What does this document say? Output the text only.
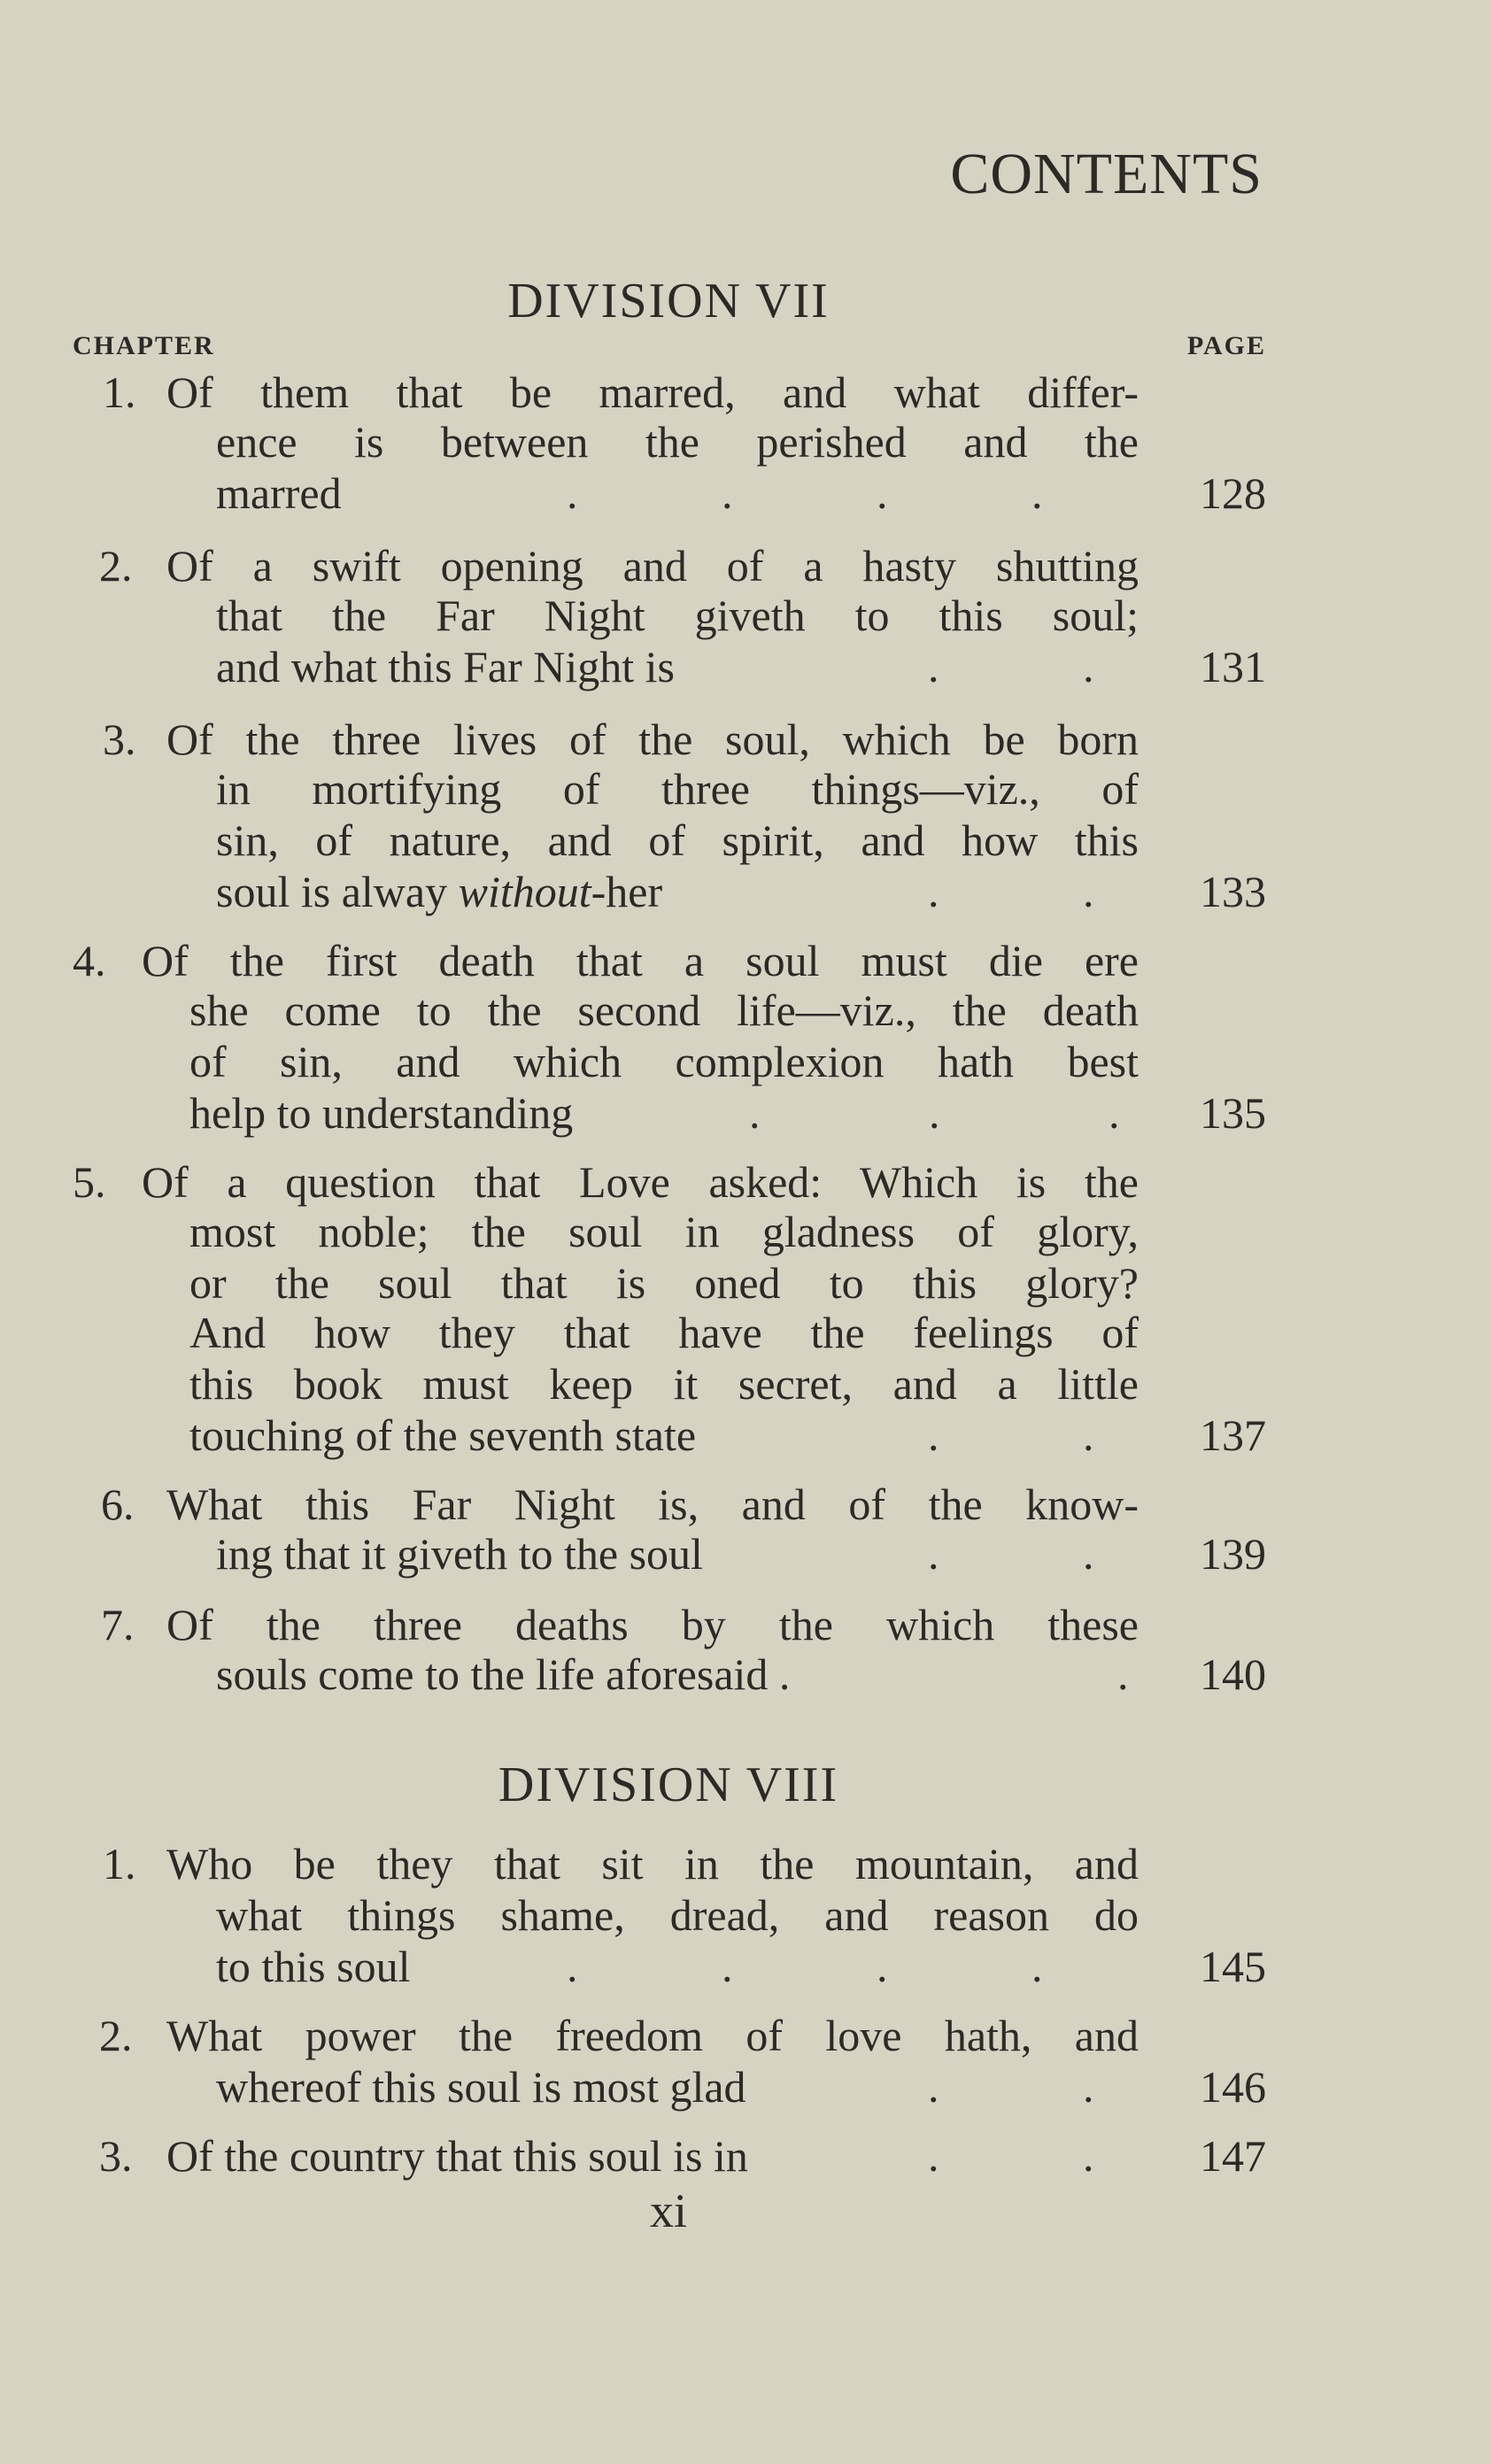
CONTENTS
DIVISION VII
CHAPTER	PAGE
1. Of them that be marred, and what differ-
ence is between the perished and the
marred	. . . .	128
2. Of a swift opening and of a hasty shutting
that the Far Night giveth to this soul;
and what this Far Night is	. . 131
3. Of the three lives of the soul, which be born
in mortifying of three things—viz., of
sin, of nature, and of spirit, and how this
soul is alway without-her	. . 133
4. Of the first death that a soul must die ere
she come to the second life—viz., the death
of sin, and which complexion hath best
help to understanding	. . . 135
5. Of a question that Love asked: Which is the
most noble; the soul in gladness of glory,
or the soul that is oned to this glory?
And how they that have the feelings of
this book must keep it secret, and a little
touching of the seventh state	. . 137
6. What this Far Night is, and of the know-
ing that it giveth to the soul	. . 139
7. Of the three deaths by the which these
souls come to the life aforesaid .	. 140
DIVISION VIII
1. Who be they that sit in the mountain, and
what things shame, dread, and reason do
to this soul	. . . .	145
2. What power the freedom of love hath, and
whereof this soul is most glad	. . 146
3. Of the country that this soul is in	. . 147
xi
